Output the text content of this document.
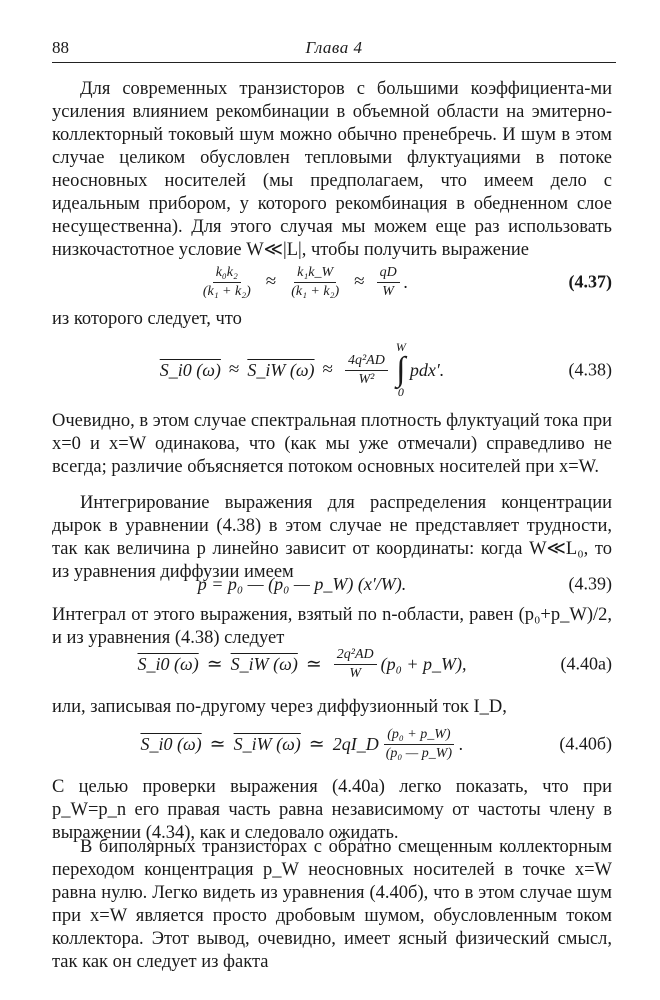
88	Глава 4

Для современных транзисторов с большими коэффициента-ми усиления влиянием рекомбинации в объемной области на эмитерно-коллекторный токовый шум можно обычно пренебречь. И шум в этом случае целиком обусловлен тепловыми флуктуациями в потоке неосновных носителей (мы предполагаем, что имеем дело с идеальным прибором, у которого рекомбинация в обедненном слое несущественна). Для этого случая мы можем еще раз использовать низкочастотное условие W≪|L|, чтобы получить выражение

$\frac{\text{k₀k₂}}{\text{(k₁ + k₂)}} \approx \frac{\text{k₁k\_W}}{\text{(k₁ + k₂)}} \approx \frac{qD}{W}$ .	(4.37)

из которого следует, что

S_i0 (ω) ≈ S_iW $(\omega) \approx \frac{\text{4q²AD}}{\text{W²}}$
W
∫
0
pdx′.	(4.38)

Очевидно, в этом случае спектральная плотность флуктуаций тока при x=0 и x=W одинакова, что (как мы уже отмечали) справедливо не всегда; различие объясняется потоком основных носителей при x=W.

Интегрирование выражения для распределения концентрации дырок в уравнении (4.38) в этом случае не представляет трудности, так как величина p линейно зависит от координаты: когда W≪L₀, то из уравнения диффузии имеем

p = p₀ — (p₀ — p_W) (x′/W).	(4.39)

Интеграл от этого выражения, взятый по n-области, равен (p₀+p_W)/2, и из уравнения (4.38) следует

S_i0 (ω) ≃ S_iW (ω) ≃ $\frac{\text{2q²AD}}{W} (p_0$ + p_W),	(4.40а)

или, записывая по-другому через диффузионный ток I_D,

S_i0 (ω) ≃ S_iW (ω) ≃ 2qI_D $\frac{\text{(p₀ + p\_W)}}{\text{(p₀ — p\_W)}}$ .	(4.40б)

С целью проверки выражения (4.40а) легко показать, что при p_W=p_n его правая часть равна независимому от частоты члену в выражении (4.34), как и следовало ожидать.

В биполярных транзисторах с обратно смещенным коллекторным переходом концентрация p_W неосновных носителей в точке x=W равна нулю. Легко видеть из уравнения (4.40б), что в этом случае шум при x=W является просто дробовым шумом, обусловленным током коллектора. Этот вывод, очевидно, имеет ясный физический смысл, так как он следует из факта
